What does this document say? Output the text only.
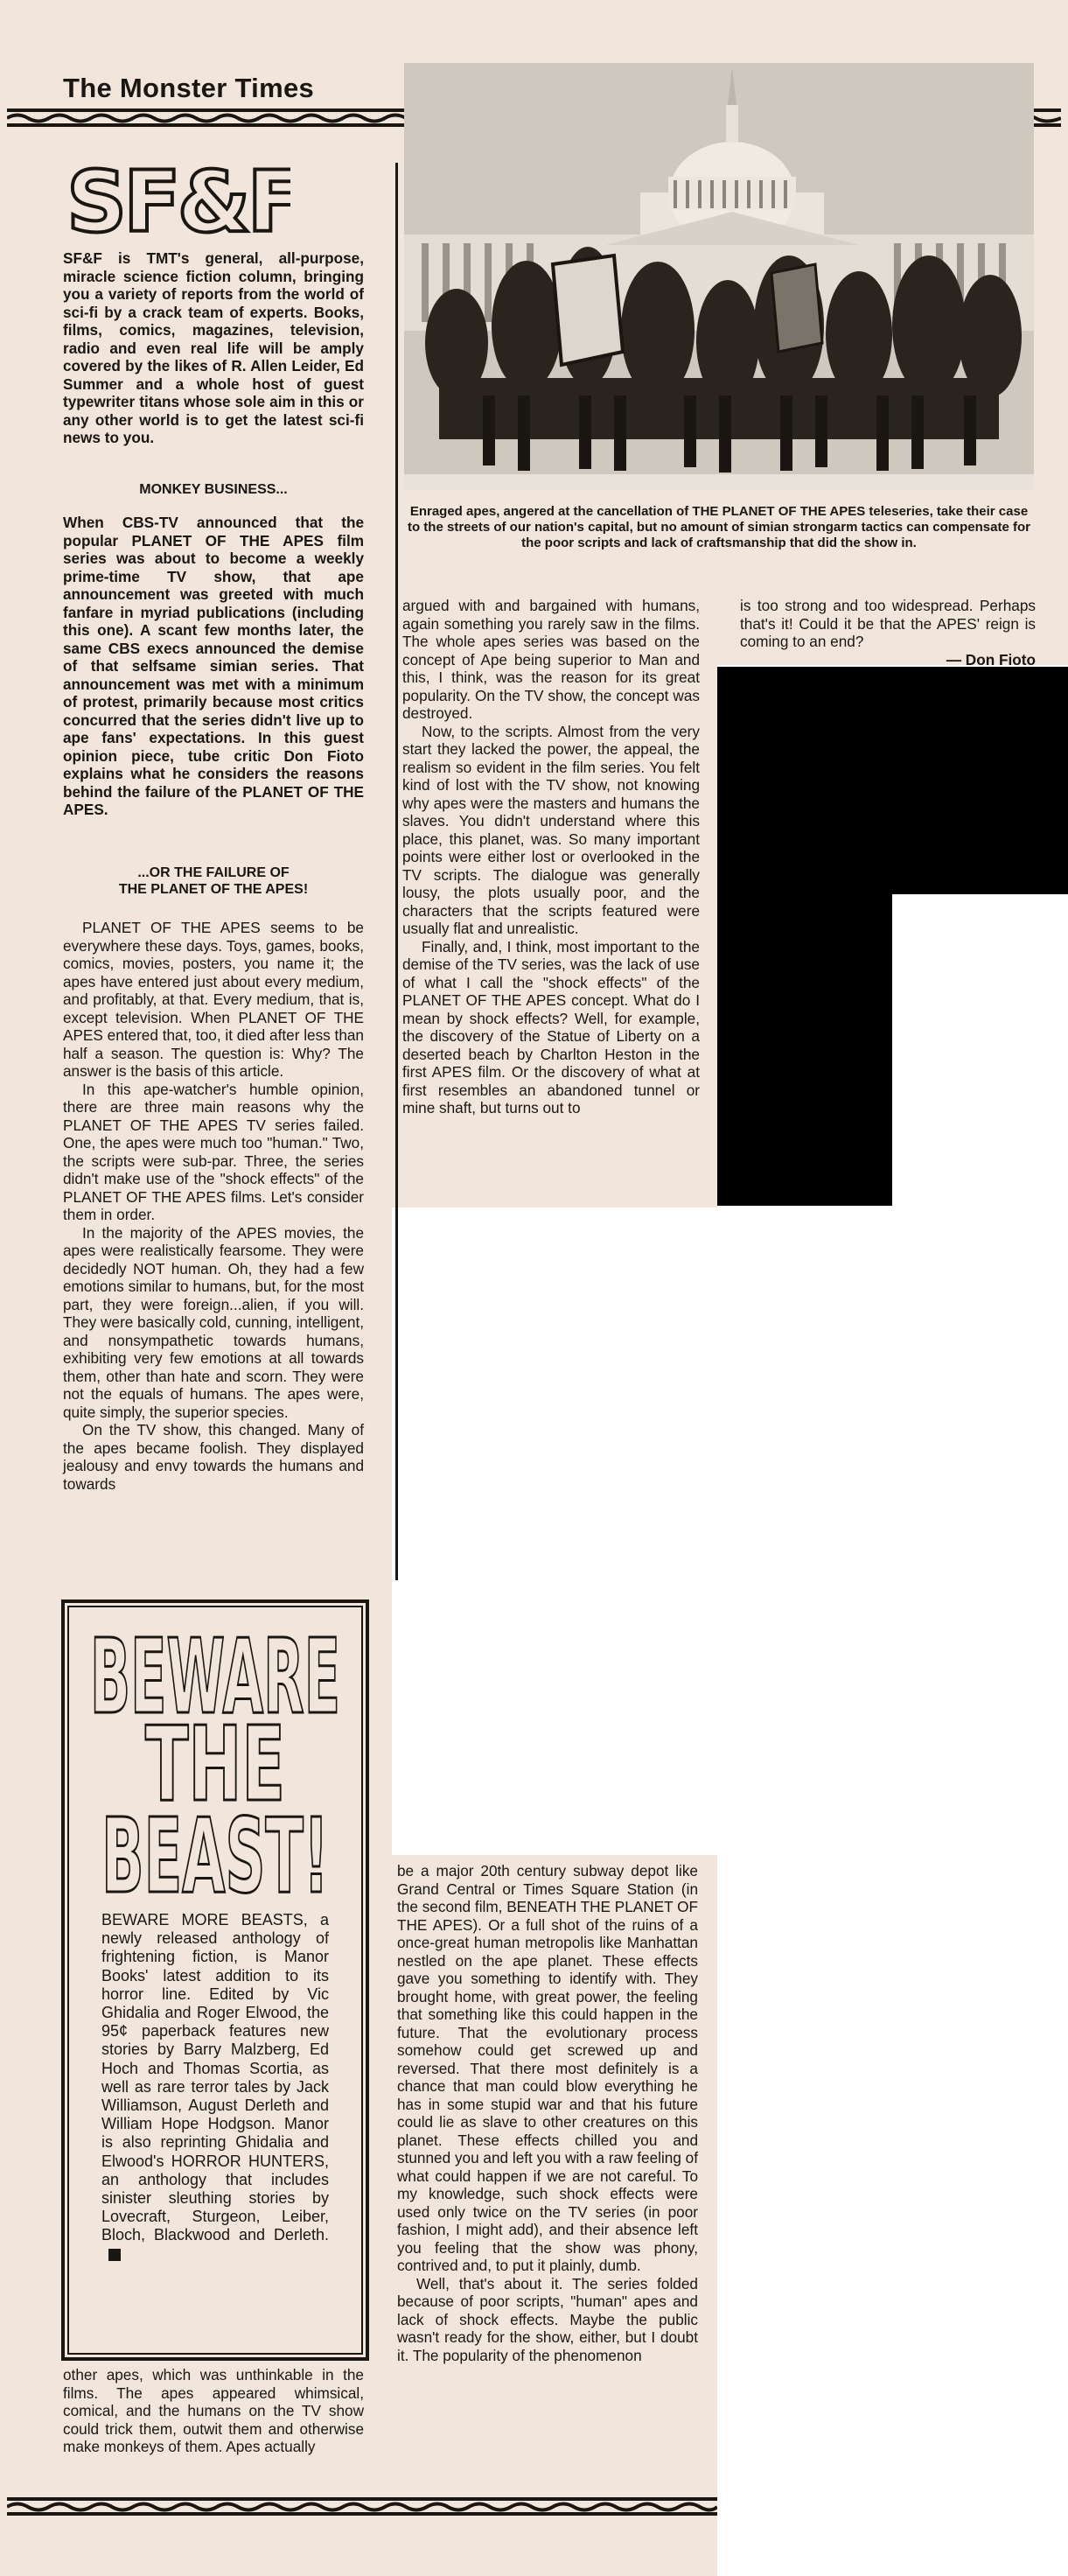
The Monster Times
SF&F
SF&F is TMT's general, all-purpose, miracle science fiction column, bringing you a variety of reports from the world of sci-fi by a crack team of experts. Books, films, comics, magazines, television, radio and even real life will be amply covered by the likes of R. Allen Leider, Ed Summer and a whole host of guest typewriter titans whose sole aim in this or any other world is to get the latest sci-fi news to you.
MONKEY BUSINESS...
When CBS-TV announced that the popular PLANET OF THE APES film series was about to become a weekly prime-time TV show, that ape announcement was greeted with much fanfare in myriad publications (including this one). A scant few months later, the same CBS execs announced the demise of that selfsame simian series. That announcement was met with a minimum of protest, primarily because most critics concurred that the series didn't live up to ape fans' expectations. In this guest opinion piece, tube critic Don Fioto explains what he considers the reasons behind the failure of the PLANET OF THE APES.
...OR THE FAILURE OF
THE PLANET OF THE APES!

PLANET OF THE APES seems to be everywhere these days. Toys, games, books, comics, movies, posters, you name it; the apes have entered just about every medium, and profitably, at that. Every medium, that is, except television. When PLANET OF THE APES entered that, too, it died after less than half a season. The question is: Why? The answer is the basis of this article.

In this ape-watcher's humble opinion, there are three main reasons why the PLANET OF THE APES TV series failed. One, the apes were much too "human." Two, the scripts were sub-par. Three, the series didn't make use of the "shock effects" of the PLANET OF THE APES films. Let's consider them in order.

In the majority of the APES movies, the apes were realistically fearsome. They were decidedly NOT human. Oh, they had a few emotions similar to humans, but, for the most part, they were foreign...alien, if you will. They were basically cold, cunning, intelligent, and nonsympathetic towards humans, exhibiting very few emotions at all towards them, other than hate and scorn. They were not the equals of humans. The apes were, quite simply, the superior species.

On the TV show, this changed. Many of the apes became foolish. They displayed jealousy and envy towards the humans and towards

BEWARE
THE
BEAST!
BEWARE MORE BEASTS, a newly released anthology of frightening fiction, is Manor Books' latest addition to its horror line. Edited by Vic Ghidalia and Roger Elwood, the 95¢ paperback features new stories by Barry Malzberg, Ed Hoch and Thomas Scortia, as well as rare terror tales by Jack Williamson, August Derleth and William Hope Hodgson. Manor is also reprinting Ghidalia and Elwood's HORROR HUNTERS, an anthology that includes sinister sleuthing stories by Lovecraft, Sturgeon, Leiber, Bloch, Blackwood and Derleth.

other apes, which was unthinkable in the films. The apes appeared whimsical, comical, and the humans on the TV show could trick them, outwit them and otherwise make monkeys of them. Apes actually

Enraged apes, angered at the cancellation of THE PLANET OF THE APES teleseries, take their case to the streets of our nation's capital, but no amount of simian strongarm tactics can compensate for the poor scripts and lack of craftsmanship that did the show in.

argued with and bargained with humans, again something you rarely saw in the films. The whole apes series was based on the concept of Ape being superior to Man and this, I think, was the reason for its great popularity. On the TV show, the concept was destroyed.

Now, to the scripts. Almost from the very start they lacked the power, the appeal, the realism so evident in the film series. You felt kind of lost with the TV show, not knowing why apes were the masters and humans the slaves. You didn't understand where this place, this planet, was. So many important points were either lost or overlooked in the TV scripts. The dialogue was generally lousy, the plots usually poor, and the characters that the scripts featured were usually flat and unrealistic.

Finally, and, I think, most important to the demise of the TV series, was the lack of use of what I call the "shock effects" of the PLANET OF THE APES concept. What do I mean by shock effects? Well, for example, the discovery of the Statue of Liberty on a deserted beach by Charlton Heston in the first APES film. Or the discovery of what at first resembles an abandoned tunnel or mine shaft, but turns out to

is too strong and too widespread. Perhaps that's it! Could it be that the APES' reign is coming to an end?

— Don Fioto

be a major 20th century subway depot like Grand Central or Times Square Station (in the second film, BENEATH THE PLANET OF THE APES). Or a full shot of the ruins of a once-great human metropolis like Manhattan nestled on the ape planet. These effects gave you something to identify with. They brought home, with great power, the feeling that something like this could happen in the future. That the evolutionary process somehow could get screwed up and reversed. That there most definitely is a chance that man could blow everything he has in some stupid war and that his future could lie as slave to other creatures on this planet. These effects chilled you and stunned you and left you with a raw feeling of what could happen if we are not careful. To my knowledge, such shock effects were used only twice on the TV series (in poor fashion, I might add), and their absence left you feeling that the show was phony, contrived and, to put it plainly, dumb.

Well, that's about it. The series folded because of poor scripts, "human" apes and lack of shock effects. Maybe the public wasn't ready for the show, either, but I doubt it. The popularity of the phenomenon
